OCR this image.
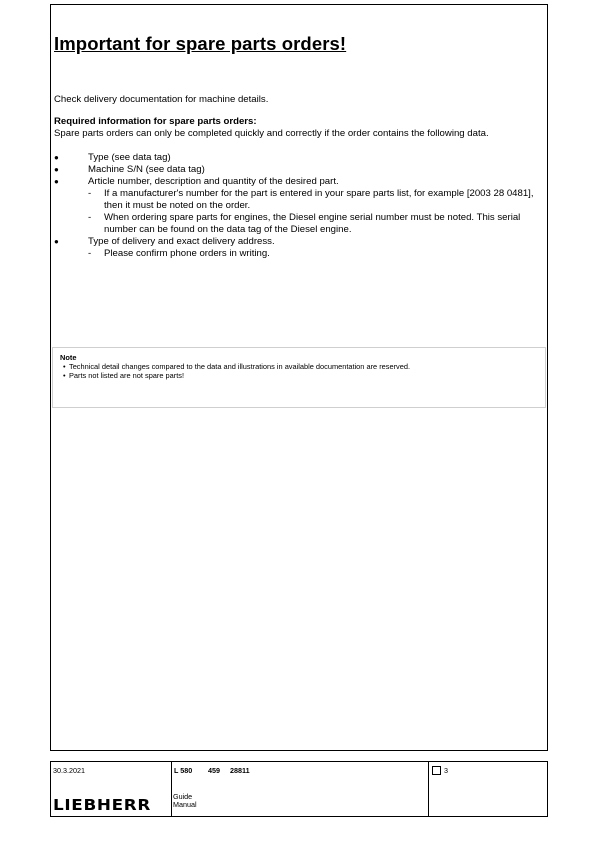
Important for spare parts orders!

Check delivery documentation for machine details.

Required information for spare parts orders:

Spare parts orders can only be completed quickly and correctly if the order contains the following data.

●	Type (see data tag)
●	Machine S/N (see data tag)
●	Article number, description and quantity of the desired part.
- If a manufacturer's number for the part is entered in your spare parts list, for example [2003 28 0481], then it must be noted on the order.
- When ordering spare parts for engines, the Diesel engine serial number must be noted. This serial number can be found on the data tag of the Diesel engine.
●	Type of delivery and exact delivery address.
- Please confirm phone orders in writing.
Note
• Technical detail changes compared to the data and illustrations in available documentation are reserved.
• Parts not listed are not spare parts!
30.3.2021
LIEBHERR
L 580 459 28811
Guide
Manual
3
